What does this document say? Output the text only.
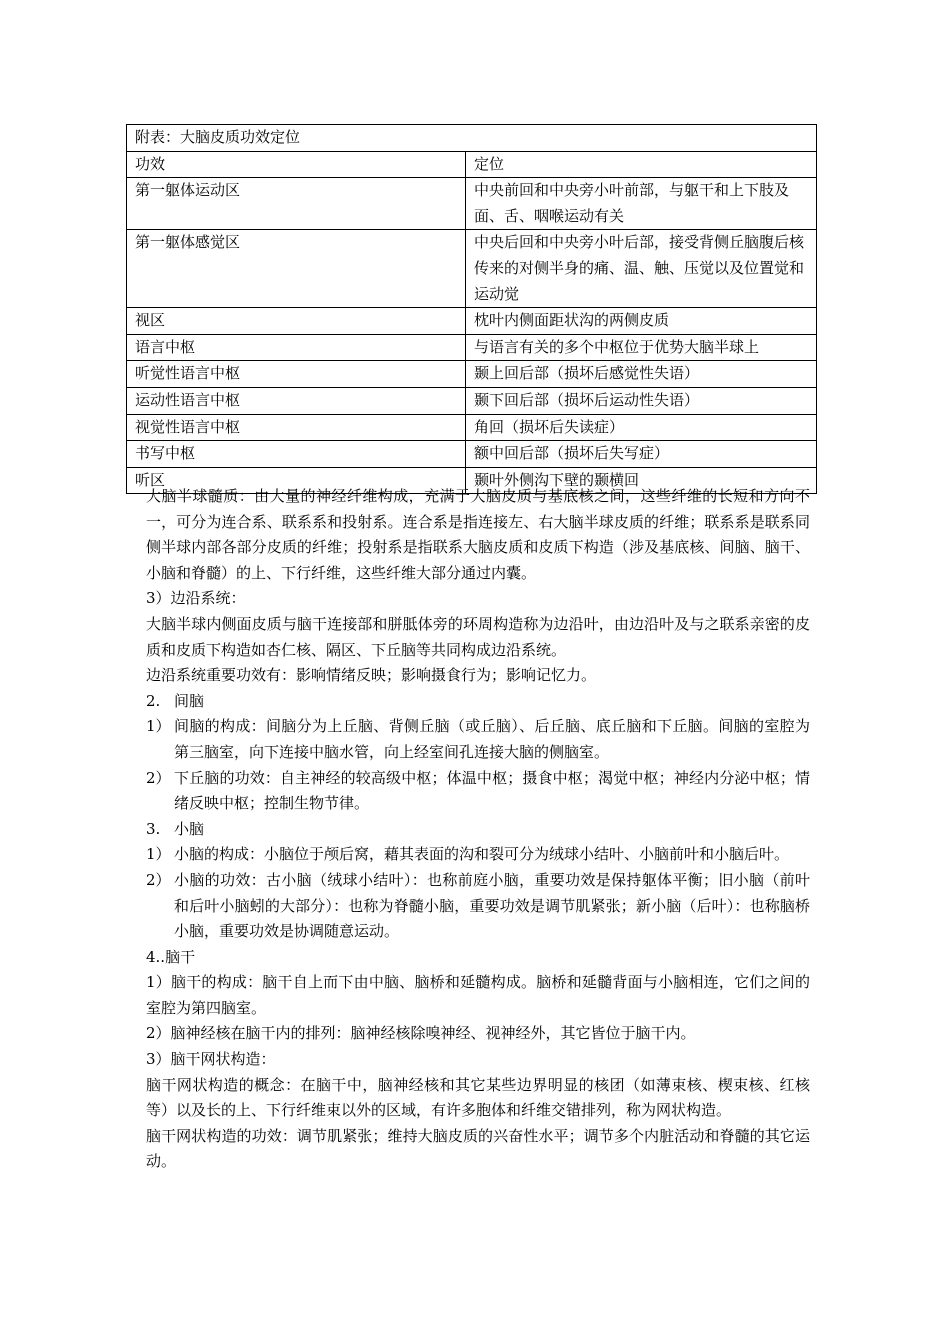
附表：大脑皮质功效定位	
功效	定位
第一躯体运动区	中央前回和中央旁小叶前部，与躯干和上下肢及面、舌、咽喉运动有关
第一躯体感觉区	中央后回和中央旁小叶后部，接受背侧丘脑腹后核传来的对侧半身的痛、温、触、压觉以及位置觉和运动觉
视区	枕叶内侧面距状沟的两侧皮质
语言中枢	与语言有关的多个中枢位于优势大脑半球上
听觉性语言中枢	颞上回后部（损坏后感觉性失语）
运动性语言中枢	颞下回后部（损坏后运动性失语）
视觉性语言中枢	角回（损坏后失读症）
书写中枢	额中回后部（损坏后失写症）
听区	颞叶外侧沟下壁的颞横回

大脑半球髓质：由大量的神经纤维构成，充满于大脑皮质与基底核之间，这些纤维的长短和方向不一，可分为连合系、联系系和投射系。连合系是指连接左、右大脑半球皮质的纤维；联系系是联系同侧半球内部各部分皮质的纤维；投射系是指联系大脑皮质和皮质下构造（涉及基底核、间脑、脑干、小脑和脊髓）的上、下行纤维，这些纤维大部分通过内囊。

3）边沿系统：

大脑半球内侧面皮质与脑干连接部和胼胝体旁的环周构造称为边沿叶，由边沿叶及与之联系亲密的皮质和皮质下构造如杏仁核、隔区、下丘脑等共同构成边沿系统。

边沿系统重要功效有：影响情绪反映；影响摄食行为；影响记忆力。

2. 间脑

1） 间脑的构成：间脑分为上丘脑、背侧丘脑（或丘脑）、后丘脑、底丘脑和下丘脑。间脑的室腔为第三脑室，向下连接中脑水管，向上经室间孔连接大脑的侧脑室。

2） 下丘脑的功效：自主神经的较高级中枢；体温中枢；摄食中枢；渴觉中枢；神经内分泌中枢；情绪反映中枢；控制生物节律。

3. 小脑

1） 小脑的构成：小脑位于颅后窝，藉其表面的沟和裂可分为绒球小结叶、小脑前叶和小脑后叶。

2） 小脑的功效：古小脑（绒球小结叶）：也称前庭小脑，重要功效是保持躯体平衡；旧小脑（前叶和后叶小脑蚓的大部分）：也称为脊髓小脑，重要功效是调节肌紧张；新小脑（后叶）：也称脑桥小脑，重要功效是协调随意运动。

4..脑干

1）脑干的构成：脑干自上而下由中脑、脑桥和延髓构成。脑桥和延髓背面与小脑相连，它们之间的室腔为第四脑室。

2）脑神经核在脑干内的排列：脑神经核除嗅神经、视神经外，其它皆位于脑干内。

3）脑干网状构造：

脑干网状构造的概念：在脑干中，脑神经核和其它某些边界明显的核团（如薄束核、楔束核、红核等）以及长的上、下行纤维束以外的区域，有许多胞体和纤维交错排列，称为网状构造。

脑干网状构造的功效：调节肌紧张；维持大脑皮质的兴奋性水平；调节多个内脏活动和脊髓的其它运动。
